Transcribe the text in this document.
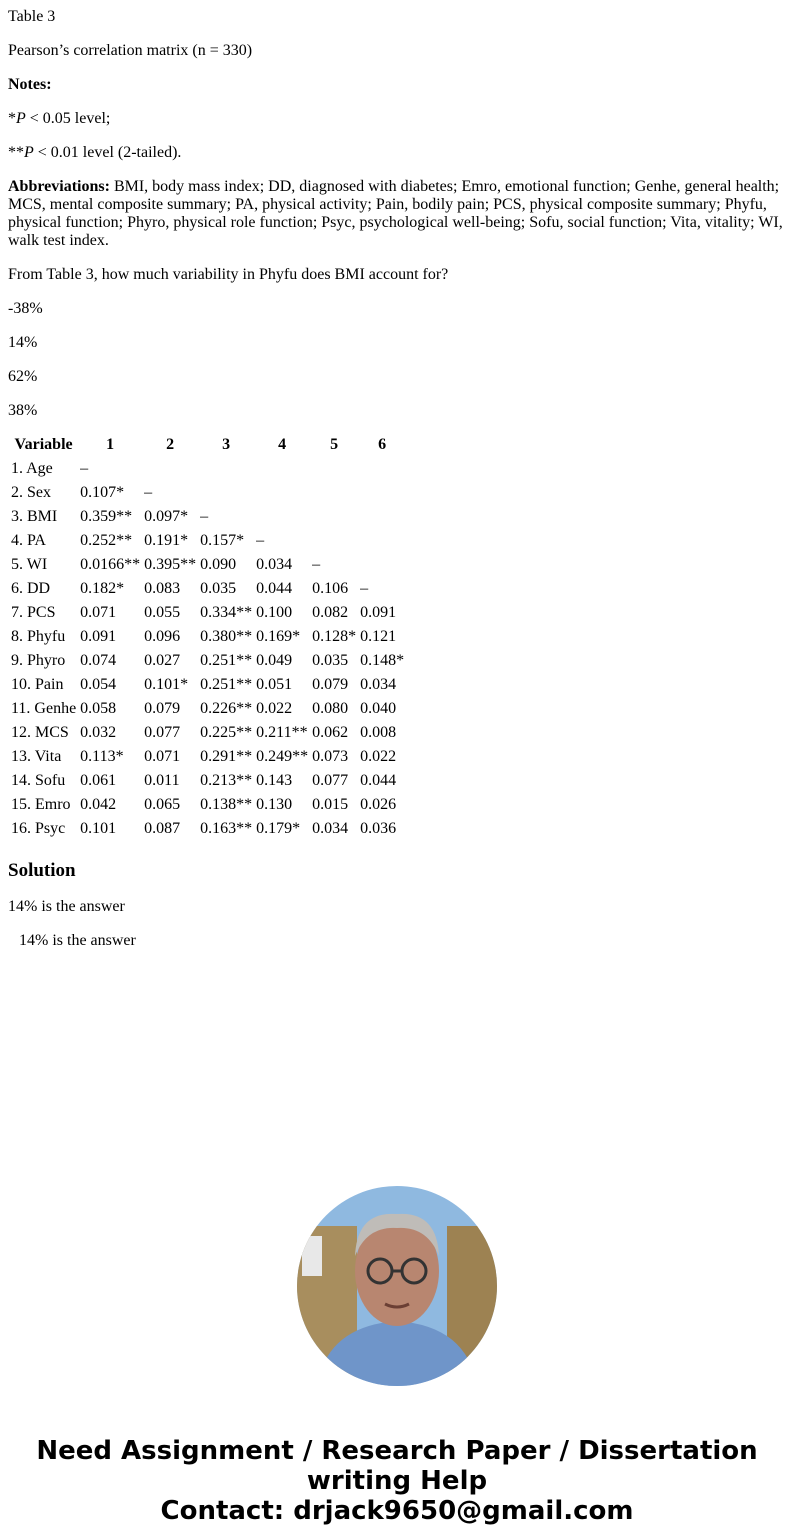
Table 3

Pearson’s correlation matrix (n = 330)

Notes:

*P < 0.05 level;

**P < 0.01 level (2-tailed).

Abbreviations: BMI, body mass index; DD, diagnosed with diabetes; Emro, emotional function; Genhe, general health; MCS, mental composite summary; PA, physical activity; Pain, bodily pain; PCS, physical composite summary; Phyfu, physical function; Phyro, physical role function; Psyc, psychological well-being; Sofu, social function; Vita, vitality; WI, walk test index.

From Table 3, how much variability in Phyfu does BMI account for?

-38%

14%

62%

38%

Variable	1	2	3	4	5	6
1. Age	–					
2. Sex	0.107*	–				
3. BMI	0.359**	0.097*	–			
4. PA	0.252**	0.191*	0.157*	–		
5. WI	0.0166**	0.395**	0.090	0.034	–	
6. DD	0.182*	0.083	0.035	0.044	0.106	–
7. PCS	0.071	0.055	0.334**	0.100	0.082	0.091
8. Phyfu	0.091	0.096	0.380**	0.169*	0.128*	0.121
9. Phyro	0.074	0.027	0.251**	0.049	0.035	0.148*
10. Pain	0.054	0.101*	0.251**	0.051	0.079	0.034
11. Genhe	0.058	0.079	0.226**	0.022	0.080	0.040
12. MCS	0.032	0.077	0.225**	0.211**	0.062	0.008
13. Vita	0.113*	0.071	0.291**	0.249**	0.073	0.022
14. Sofu	0.061	0.011	0.213**	0.143	0.077	0.044
15. Emro	0.042	0.065	0.138**	0.130	0.015	0.026
16. Psyc	0.101	0.087	0.163**	0.179*	0.034	0.036
Solution

14% is the answer

14% is the answer

Need Assignment / Research Paper / Dissertation
writing Help
Contact: drjack9650@gmail.com
